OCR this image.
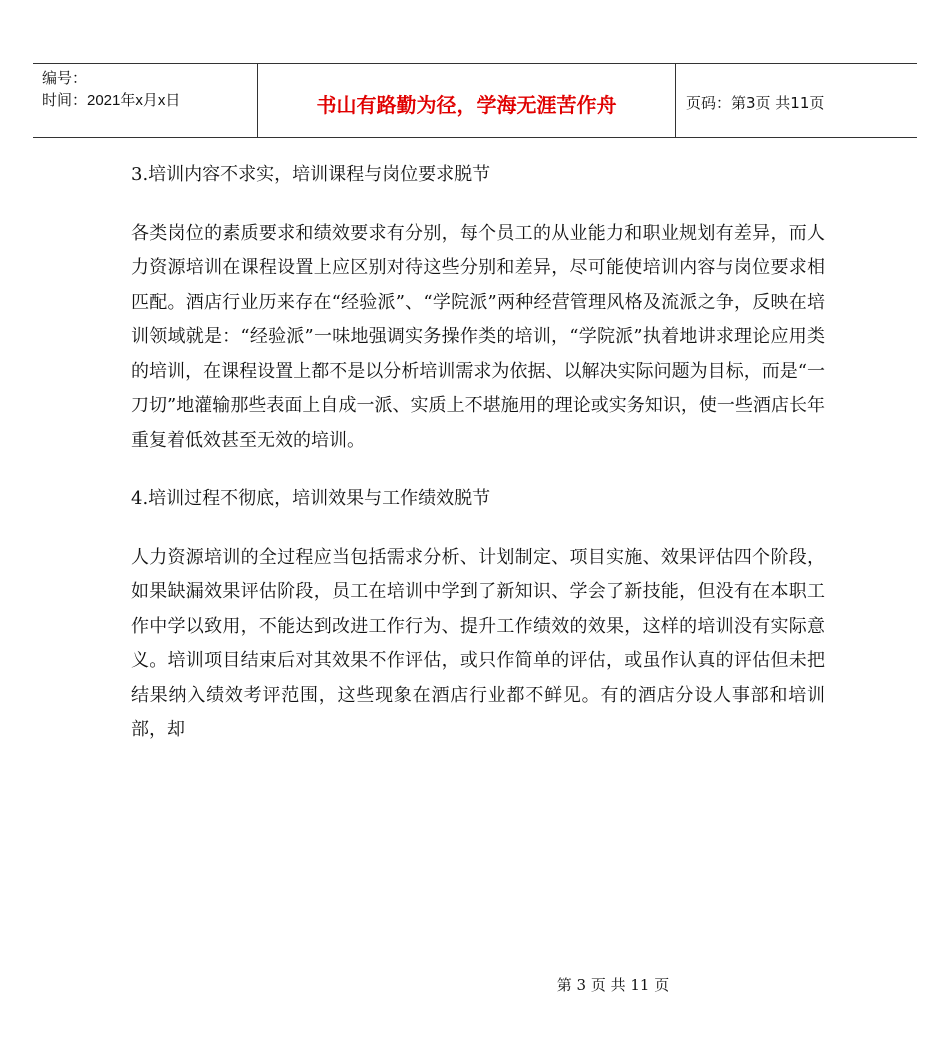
编号：
时间：2021年x月x日	书山有路勤为径，学海无涯苦作舟	页码：第3页 共11页

3.培训内容不求实，培训课程与岗位要求脱节

各类岗位的素质要求和绩效要求有分别，每个员工的从业能力和职业规划有差异，而人力资源培训在课程设置上应区别对待这些分别和差异，尽可能使培训内容与岗位要求相匹配。酒店行业历来存在“经验派”、“学院派”两种经营管理风格及流派之争，反映在培训领域就是：“经验派”一味地强调实务操作类的培训，“学院派”执着地讲求理论应用类的培训，在课程设置上都不是以分析培训需求为依据、以解决实际问题为目标，而是“一刀切”地灌输那些表面上自成一派、实质上不堪施用的理论或实务知识，使一些酒店长年重复着低效甚至无效的培训。

4.培训过程不彻底，培训效果与工作绩效脱节

人力资源培训的全过程应当包括需求分析、计划制定、项目实施、效果评估四个阶段，如果缺漏效果评估阶段，员工在培训中学到了新知识、学会了新技能，但没有在本职工作中学以致用，不能达到改进工作行为、提升工作绩效的效果，这样的培训没有实际意义。培训项目结束后对其效果不作评估，或只作简单的评估，或虽作认真的评估但未把结果纳入绩效考评范围，这些现象在酒店行业都不鲜见。有的酒店分设人事部和培训部，却

第 3 页 共 11 页
